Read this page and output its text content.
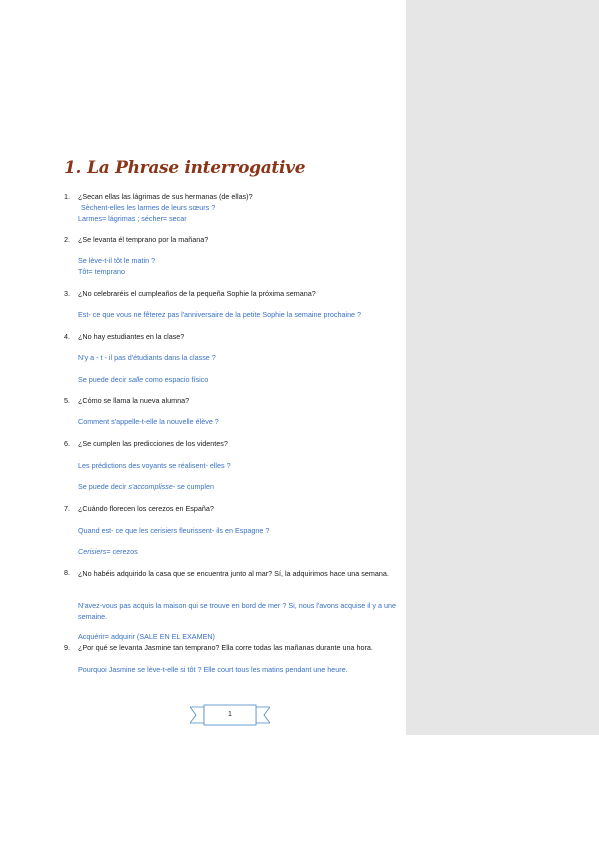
1. La Phrase interrogative
1.	¿Secan ellas las lágrimas de sus hermanas (de ellas)?
Sèchent-elles les larmes de leurs sœurs ?
Larmes= lágrimas ; sécher= secar
2.	¿Se levanta él temprano por la mañana?
Se lève-t-il tôt le matin ?
Tôt= temprano
3.	¿No celebraréis el cumpleaños de la pequeña Sophie la próxima semana?
Est- ce que vous ne fêterez pas l'anniversaire de la petite Sophie la semaine prochaine ?
4.	¿No hay estudiantes en la clase?
N'y a - t - il pas d'étudiants dans la classe ?
Se puede decir salle como espacio físico
5.	¿Cómo se llama la nueva alumna?
Comment s'appelle-t-elle la nouvelle élève ?
6.	¿Se cumplen las predicciones de los videntes?
Les prédictions des voyants se réalisent- elles ?
Se puede decir s'accomplisse- se cumplen
7.	¿Cuándo florecen los cerezos en España?
Quand est- ce que les cerisiers fleurissent- ils en Espagne ?
Cerisiers= cerezos
8.	¿No habéis adquirido la casa que se encuentra junto al mar? Sí, la adquirimos hace una semana.
N'avez-vous pas acquis la maison qui se trouve en bord de mer ? Si, nous l'avons acquise il y a une semaine.
Acquérir= adquirir (SALE EN EL EXAMEN)
9.	¿Por qué se levanta Jasmine tan temprano? Ella corre todas las mañanas durante una hora.
Pourquoi Jasmine se lève-t-elle si tôt ? Elle court tous les matins pendant une heure.
1
